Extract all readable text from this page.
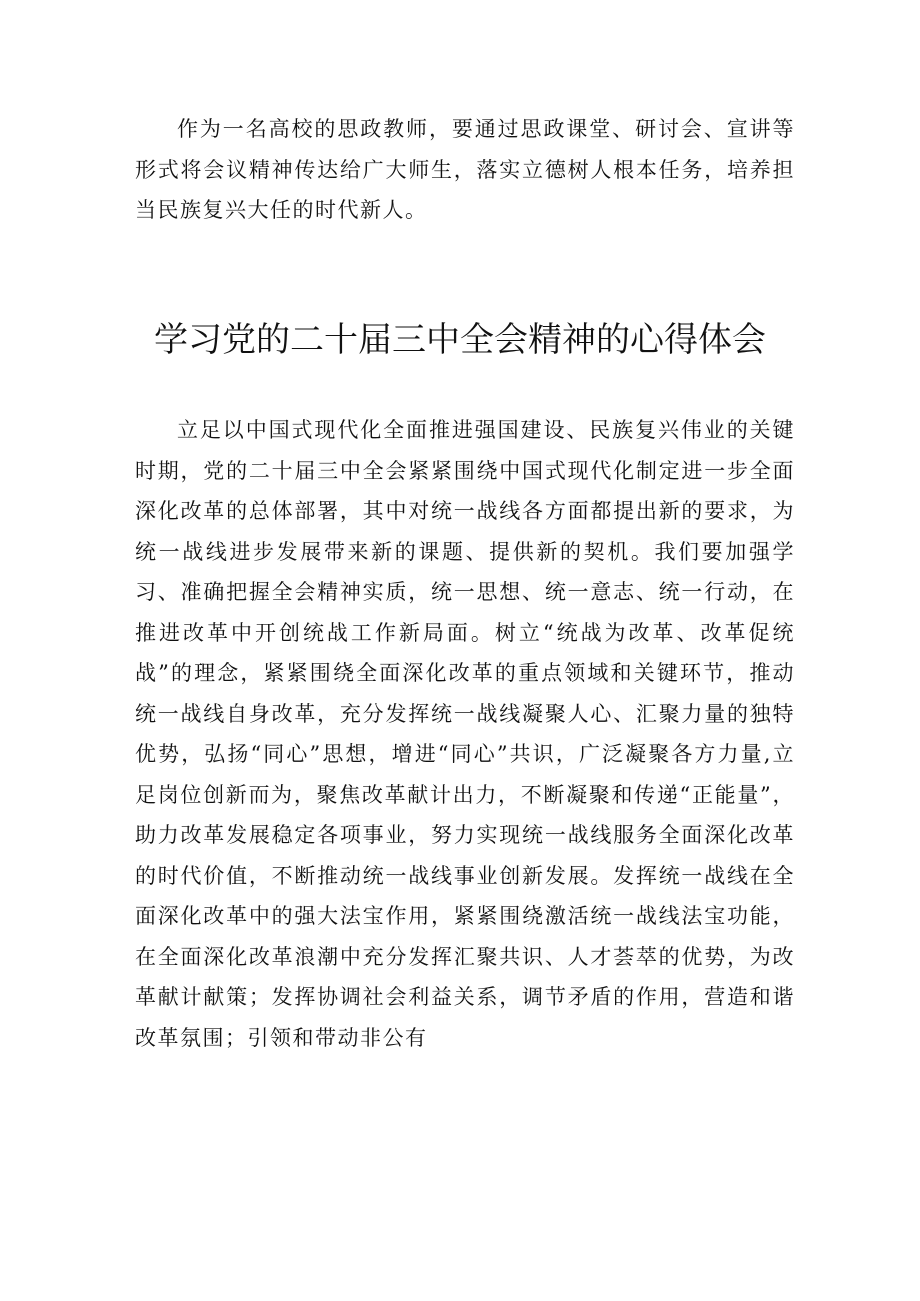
作为一名高校的思政教师，要通过思政课堂、研讨会、宣讲等形式将会议精神传达给广大师生，落实立德树人根本任务，培养担当民族复兴大任的时代新人。

学习党的二十届三中全会精神的心得体会

立足以中国式现代化全面推进强国建设、民族复兴伟业的关键时期，党的二十届三中全会紧紧围绕中国式现代化制定进一步全面深化改革的总体部署，其中对统一战线各方面都提出新的要求，为统一战线进步发展带来新的课题、提供新的契机。我们要加强学习、准确把握全会精神实质，统一思想、统一意志、统一行动，在推进改革中开创统战工作新局面。树立“统战为改革、改革促统战”的理念，紧紧围绕全面深化改革的重点领域和关键环节，推动统一战线自身改革，充分发挥统一战线凝聚人心、汇聚力量的独特优势，弘扬“同心”思想，增进“同心”共识，广泛凝聚各方力量,立足岗位创新而为，聚焦改革献计出力，不断凝聚和传递“正能量”，助力改革发展稳定各项事业，努力实现统一战线服务全面深化改革的时代价值，不断推动统一战线事业创新发展。发挥统一战线在全面深化改革中的强大法宝作用，紧紧围绕激活统一战线法宝功能，在全面深化改革浪潮中充分发挥汇聚共识、人才荟萃的优势，为改革献计献策；发挥协调社会利益关系，调节矛盾的作用，营造和谐改革氛围；引领和带动非公有
